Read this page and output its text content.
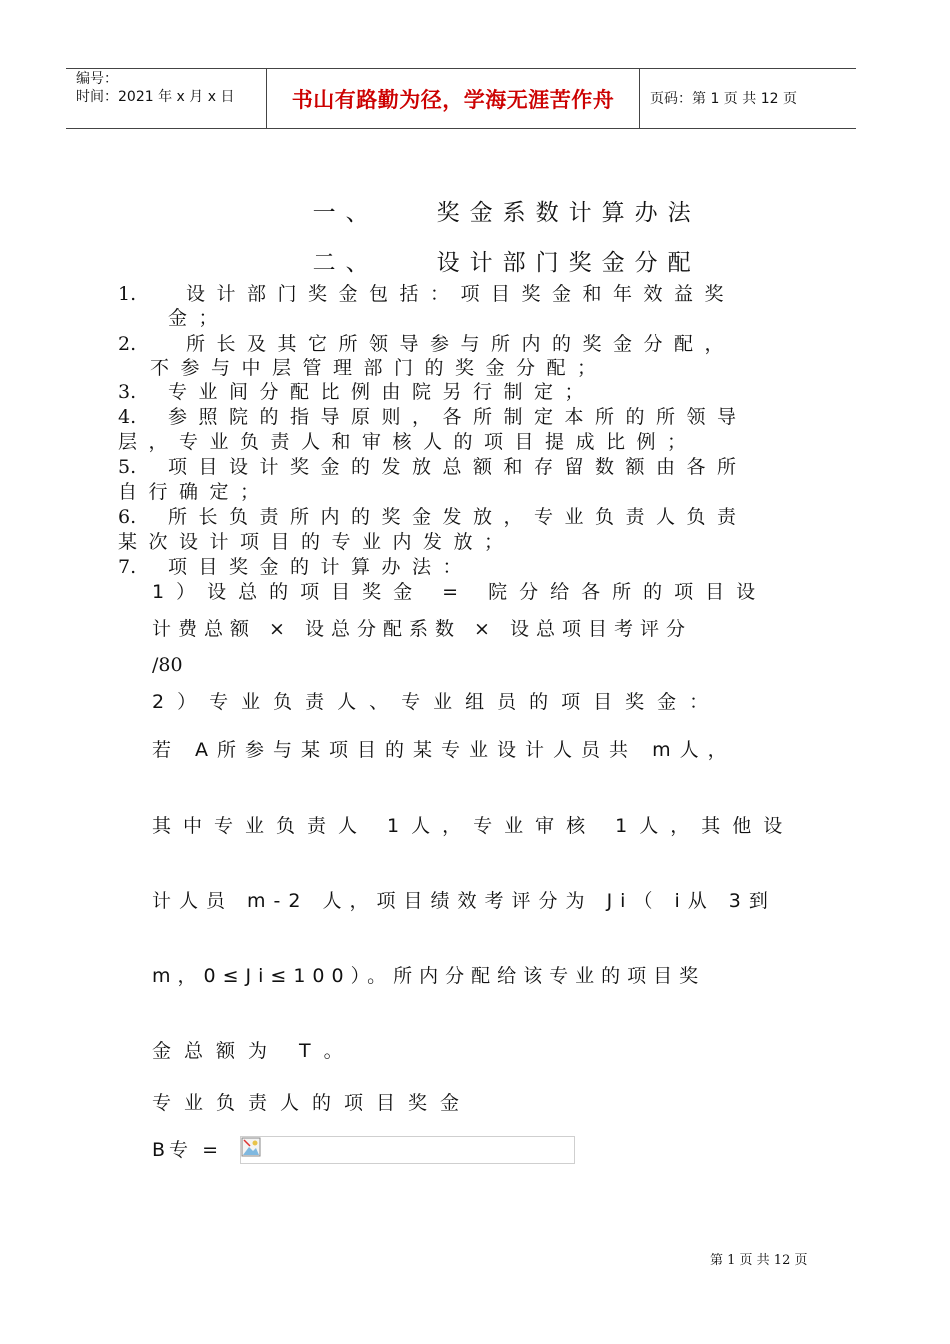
编号：
时间：2021 年 x 月 x 日	书山有路勤为径，学海无涯苦作舟	页码：第 1 页 共 12 页

一、	奖金系数计算办法

二、	设计部门奖金分配

1.	设计部门奖金包括：项目奖金和年效益奖
金；
2.	所长及其它所领导参与所内的奖金分配，
不参与中层管理部门的奖金分配；
3. 专业间分配比例由院另行制定；
4. 参照院的指导原则，各所制定本所的所领导
层，专业负责人和审核人的项目提成比例；
5. 项目设计奖金的发放总额和存留数额由各所
自行确定；
6. 所长负责所内的奖金发放，专业负责人负责
某次设计项目的专业内发放；
7. 项目奖金的计算办法：
1）设总的项目奖金 = 院分给各所的项目设
计费总额 × 设总分配系数 × 设总项目考评分
/80
2）专业负责人、专业组员的项目奖金：
若 A所参与某项目的某专业设计人员共 m人，
其中专业负责人 1人，专业审核 1人，其他设
计人员 m-2 人，项目绩效考评分为 Ji（ i从 3到
m，0≤Ji≤100）。所内分配给该专业的项目奖
金总额为 T。
专业负责人的项目奖金
B专 =
第 1 页 共 12 页
